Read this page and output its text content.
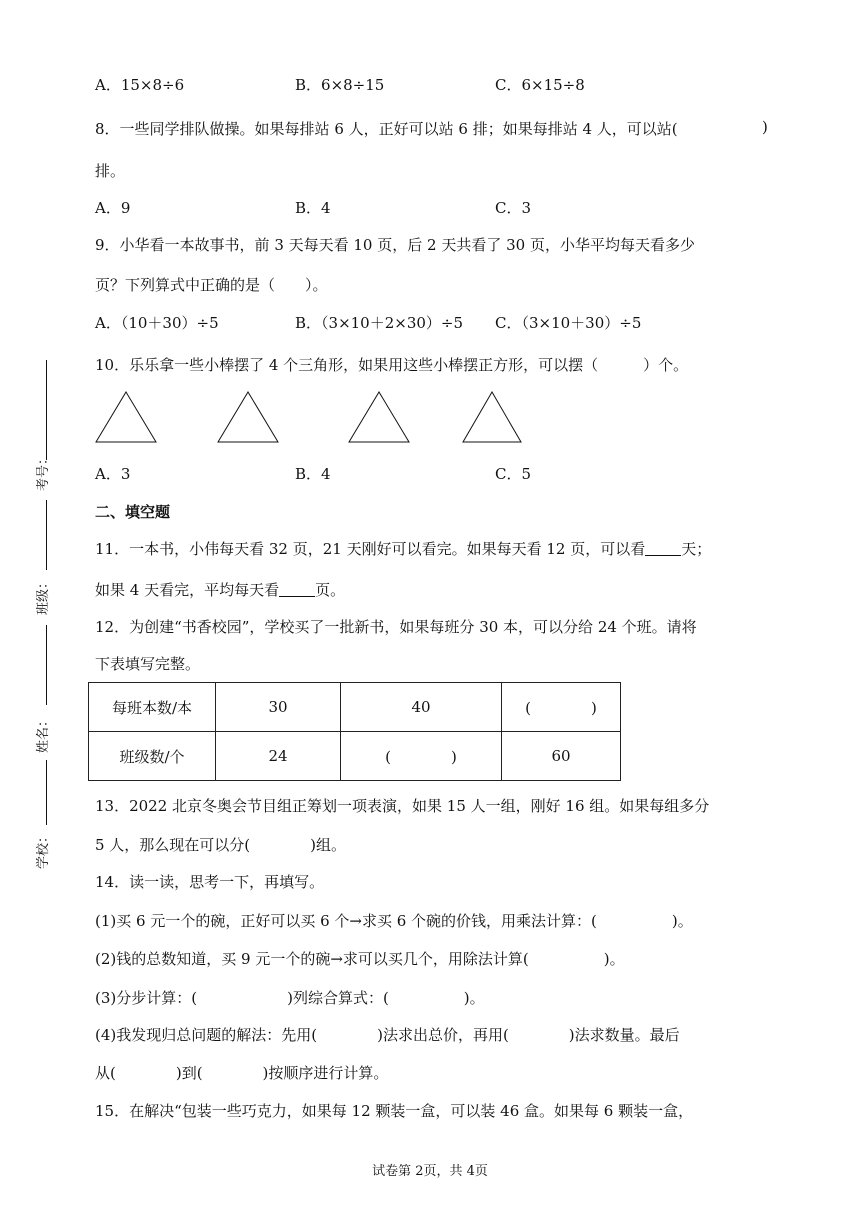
考号：
班级：
姓名：
学校：
A．15×8÷6	B．6×8÷15	C．6×15÷8
8．一些同学排队做操。如果每排站 6 人，正好可以站 6 排；如果每排站 4 人，可以站(	)
排。
A．9	B．4	C．3
9．小华看一本故事书，前 3 天每天看 10 页，后 2 天共看了 30 页，小华平均每天看多少
页？下列算式中正确的是（　　）。
A．（10＋30）÷5	B．（3×10＋2×30）÷5 C．（3×10＋30）÷5
10．乐乐拿一些小棒摆了 4 个三角形，如果用这些小棒摆正方形，可以摆（　　　）个。
A．3	B．4	C．5
二、填空题
11．一本书，小伟每天看 32 页，21 天刚好可以看完。如果每天看 12 页，可以看 天；
如果 4 天看完，平均每天看 页。
12．为创建“书香校园”，学校买了一批新书，如果每班分 30 本，可以分给 24 个班。请将
下表填写完整。
每班本数/本	30	40	(　　　　)
班级数/个	24	(　　　　)	60
13．2022 北京冬奥会节目组正筹划一项表演，如果 15 人一组，刚好 16 组。如果每组多分
5 人，那么现在可以分(　　　　)组。
14．读一读，思考一下，再填写。
(1)买 6 元一个的碗，正好可以买 6 个→求买 6 个碗的价钱，用乘法计算：(　　　　　)。
(2)钱的总数知道，买 9 元一个的碗→求可以买几个，用除法计算(　　　　　)。
(3)分步计算：(　　　　　　)列综合算式：(　　　　　)。
(4)我发现归总问题的解法：先用(　　　　)法求出总价，再用(　　　　)法求数量。最后
从(　　　　)到(　　　　)按顺序进行计算。
15．在解决“包装一些巧克力，如果每 12 颗装一盒，可以装 46 盒。如果每 6 颗装一盒，
试卷第 2页，共 4页
